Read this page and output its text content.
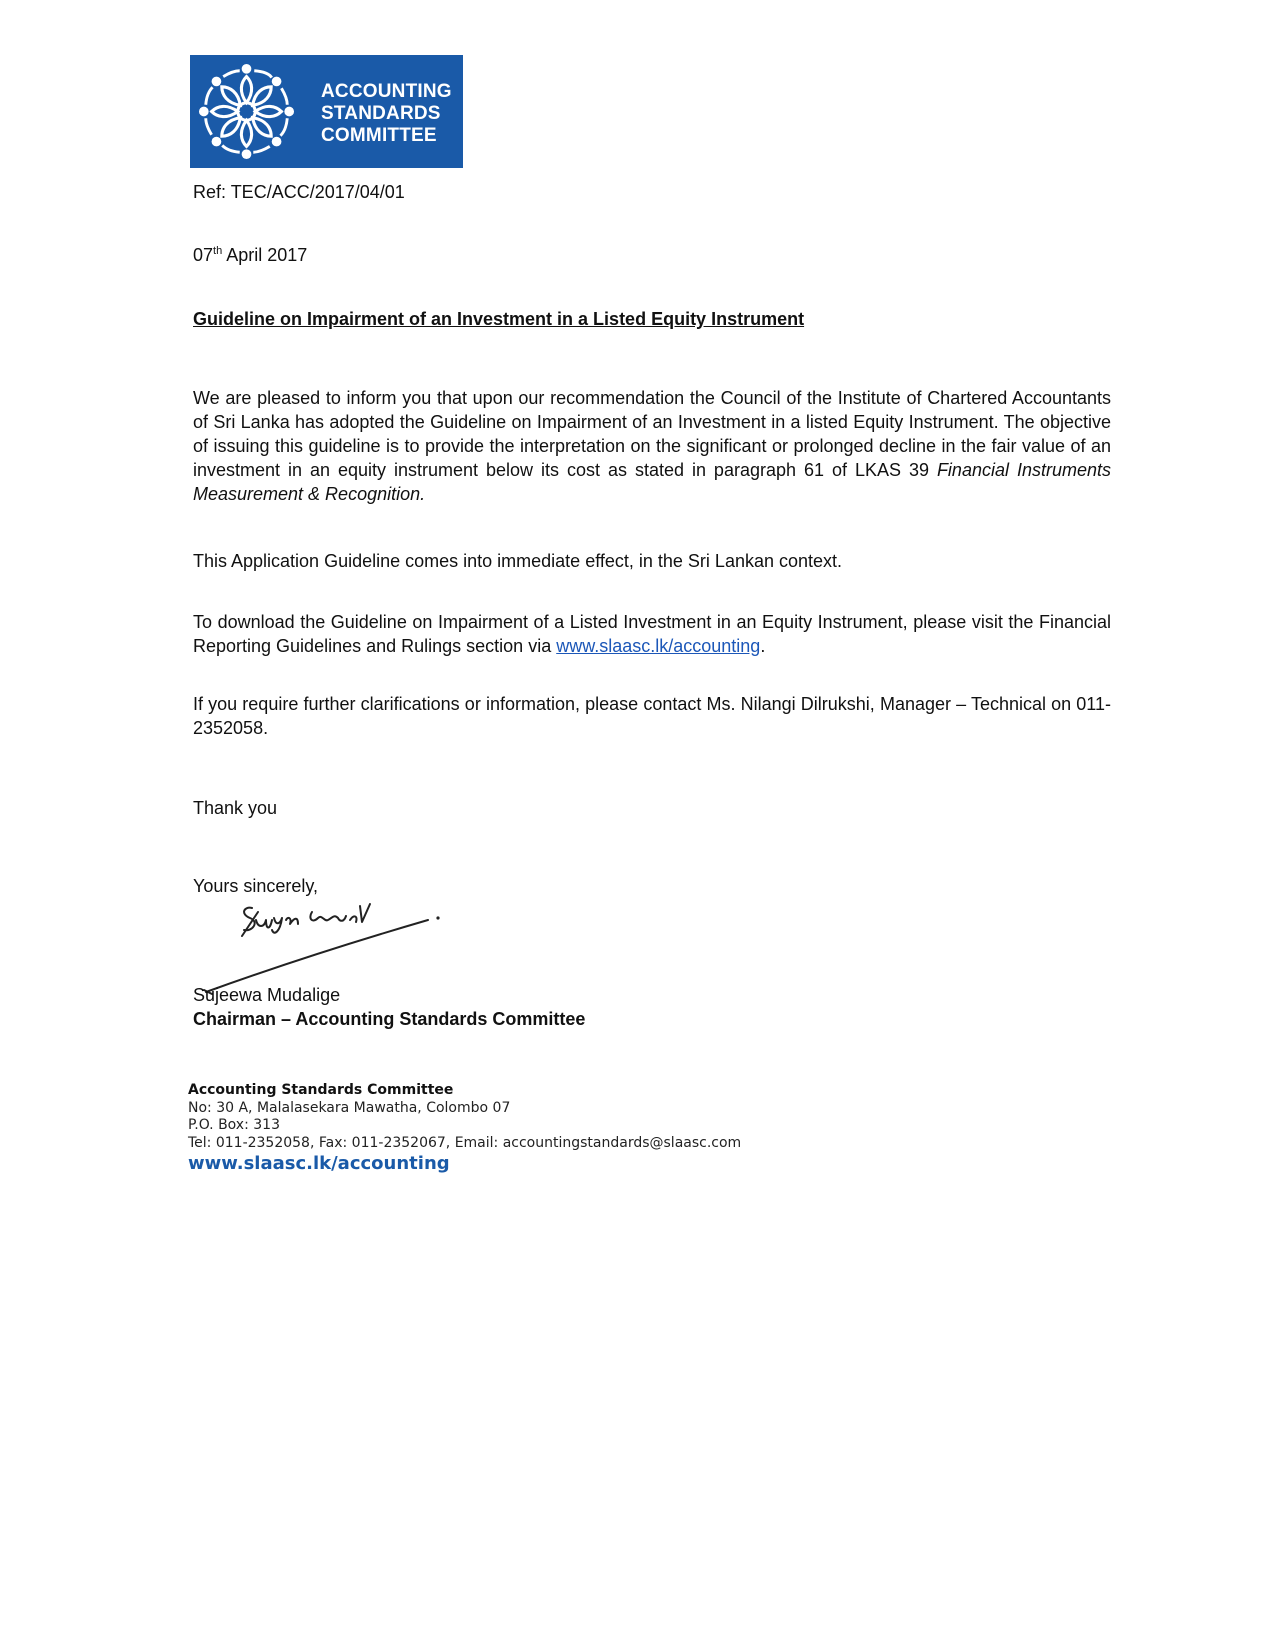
ACCOUNTING
STANDARDS
COMMITTEE
Ref: TEC/ACC/2017/04/01
07th April 2017
Guideline on Impairment of an Investment in a Listed Equity Instrument
We are pleased to inform you that upon our recommendation the Council of the Institute of Chartered Accountants of Sri Lanka has adopted the Guideline on Impairment of an Investment in a listed Equity Instrument. The objective of issuing this guideline is to provide the interpretation on the significant or prolonged decline in the fair value of an investment in an equity instrument below its cost as stated in paragraph 61 of LKAS 39 Financial Instruments Measurement & Recognition.
This Application Guideline comes into immediate effect, in the Sri Lankan context.
To download the Guideline on Impairment of a Listed Investment in an Equity Instrument, please visit the Financial Reporting Guidelines and Rulings section via www.slaasc.lk/accounting.
If you require further clarifications or information, please contact Ms. Nilangi Dilrukshi, Manager – Technical on 011-2352058.
Thank you
Yours sincerely,
Sujeewa Mudalige
Chairman – Accounting Standards Committee
Accounting Standards Committee
No: 30 A, Malalasekara Mawatha, Colombo 07
P.O. Box: 313
Tel: 011-2352058, Fax: 011-2352067, Email: accountingstandards@slaasc.com
www.slaasc.lk/accounting
